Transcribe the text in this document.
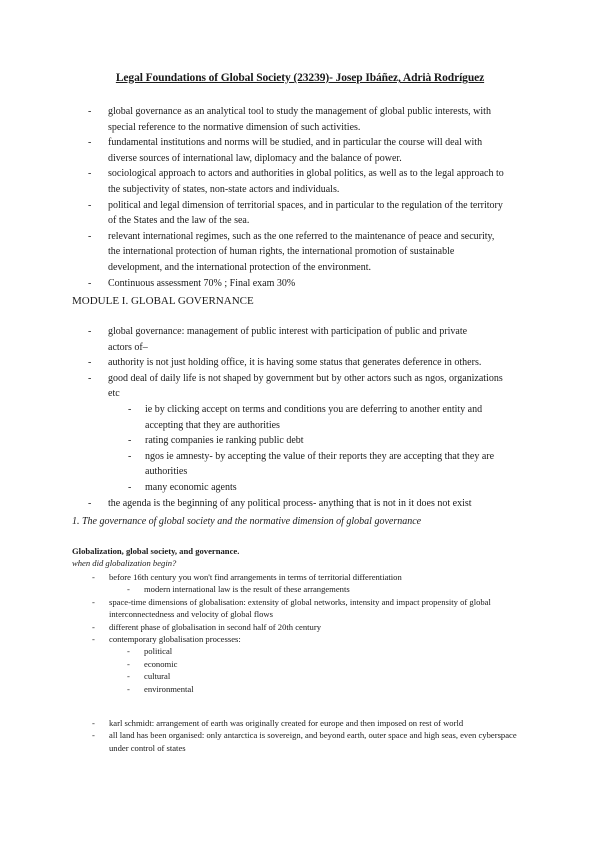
Legal Foundations of Global Society (23239)- Josep Ibáñez, Adrià Rodríguez
- global governance as an analytical tool to study the management of global public interests, with special reference to the normative dimension of such activities.
- fundamental institutions and norms will be studied, and in particular the course will deal with diverse sources of international law, diplomacy and the balance of power.
- sociological approach to actors and authorities in global politics, as well as to the legal approach to the subjectivity of states, non-state actors and individuals.
- political and legal dimension of territorial spaces, and in particular to the regulation of the territory of the States and the law of the sea.
- relevant international regimes, such as the one referred to the maintenance of peace and security, the international protection of human rights, the international promotion of sustainable development, and the international protection of the environment.
- Continuous assessment 70% ; Final exam 30%
MODULE I. GLOBAL GOVERNANCE
- global governance: management of public interest with participation of public and private actors of–
- authority is not just holding office, it is having some status that generates deference in others.
- good deal of daily life is not shaped by government but by other actors such as ngos, organizations etc
- ie by clicking accept on terms and conditions you are deferring to another entity and accepting that they are authorities
- rating companies ie ranking public debt
- ngos ie amnesty- by accepting the value of their reports they are accepting that they are authorities
- many economic agents
- the agenda is the beginning of any political process- anything that is not in it does not exist
1. The governance of global society and the normative dimension of global governance
Globalization, global society, and governance.
when did globalization begin?
- before 16th century you won't find arrangements in terms of territorial differentiation
- modern international law is the result of these arrangements
- space-time dimensions of globalisation: extensity of global networks, intensity and impact propensity of global interconnectedness and velocity of global flows
- different phase of globalisation in second half of 20th century
- contemporary globalisation processes:
- political
- economic
- cultural
- environmental
- karl schmidt: arrangement of earth was originally created for europe and then imposed on rest of world
- all land has been organised: only antarctica is sovereign, and beyond earth, outer space and high seas, even cyberspace under control of states
